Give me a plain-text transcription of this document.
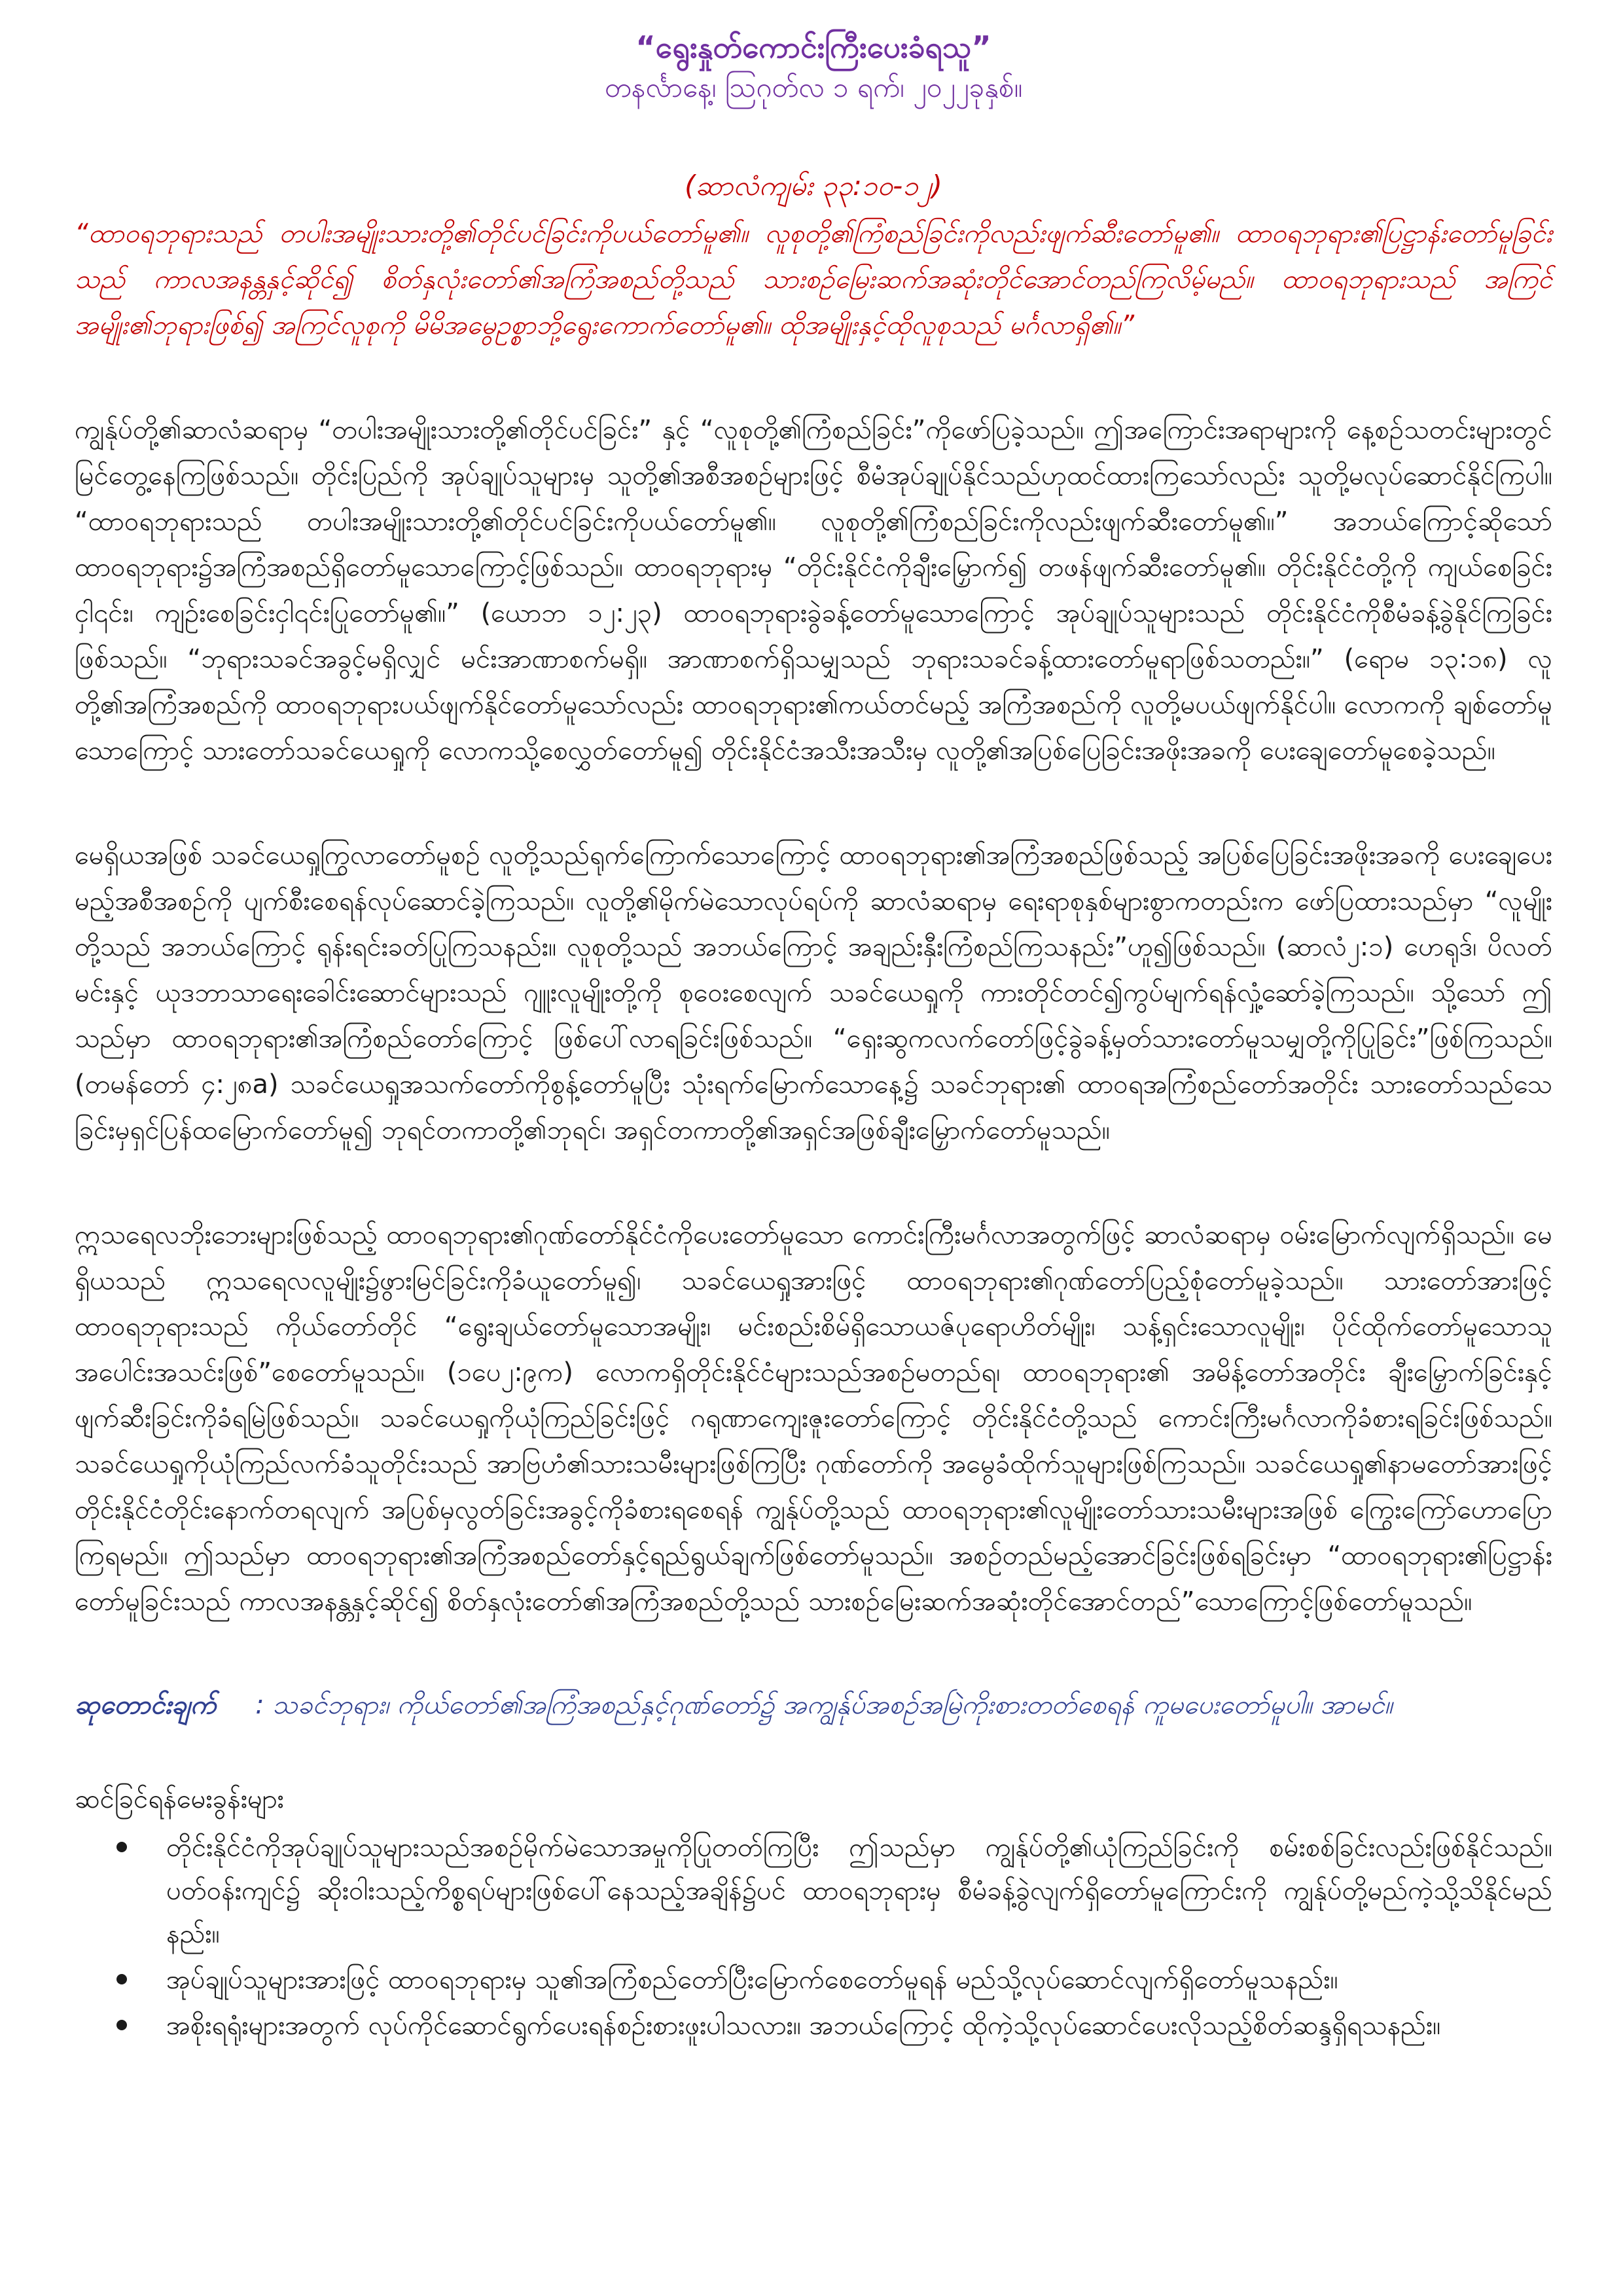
“ရွေးနှုတ်ကောင်းကြီးပေးခံရသူ”

တနင်္လာနေ့၊ ဩဂုတ်လ ၁ ရက်၊ ၂၀၂၂ခုနှစ်။

(ဆာလံကျမ်း ၃၃:၁၀-၁၂)

“ထာဝရဘုရားသည် တပါးအမျိုးသားတို့၏တိုင်ပင်ခြင်းကိုပယ်တော်မူ၏။ လူစုတို့၏ကြံစည်ခြင်းကိုလည်းဖျက်ဆီးတော်မူ၏။ ထာဝရဘုရား၏ပြဋ္ဌာန်းတော်မူခြင်းသည် ကာလအနန္တနှင့်ဆိုင်၍ စိတ်နှလုံးတော်၏အကြံအစည်တို့သည် သားစဉ်မြေးဆက်အဆုံးတိုင်အောင်တည်ကြလိမ့်မည်။ ထာဝရဘုရားသည် အကြင်အမျိုး၏ဘုရားဖြစ်၍ အကြင်လူစုကို မိမိအမွေဥစ္စာဘို့ရွေးကောက်တော်မူ၏။ ထိုအမျိုးနှင့်ထိုလူစုသည် မင်္ဂလာရှိ၏။”

ကျွန်ုပ်တို့၏ဆာလံဆရာမှ “တပါးအမျိုးသားတို့၏တိုင်ပင်ခြင်း” နှင့် “လူစုတို့၏ကြံစည်ခြင်း”ကိုဖော်ပြခဲ့သည်။ ဤအကြောင်းအရာများကို နေ့စဉ်သတင်းများတွင်မြင်တွေ့နေကြဖြစ်သည်။ တိုင်းပြည်ကို အုပ်ချုပ်သူများမှ သူတို့၏အစီအစဉ်များဖြင့် စီမံအုပ်ချုပ်နိုင်သည်ဟုထင်ထားကြသော်လည်း သူတို့မလုပ်ဆောင်နိုင်ကြပါ။ “ထာဝရဘုရားသည် တပါးအမျိုးသားတို့၏တိုင်ပင်ခြင်းကိုပယ်တော်မူ၏။ လူစုတို့၏ကြံစည်ခြင်းကိုလည်းဖျက်ဆီးတော်မူ၏။” အဘယ်ကြောင့်ဆိုသော် ထာဝရဘုရား၌အကြံအစည်ရှိတော်မူသောကြောင့်ဖြစ်သည်။ ထာဝရဘုရားမှ “တိုင်းနိုင်ငံကိုချီးမြှောက်၍ တဖန်ဖျက်ဆီးတော်မူ၏။ တိုင်းနိုင်ငံတို့ကို ကျယ်စေခြင်းငှါ၎င်း၊ ကျဉ်းစေခြင်းငှါ၎င်းပြုတော်မူ၏။” (ယောဘ ၁၂:၂၃) ထာဝရဘုရားခွဲခန့်တော်မူသောကြောင့် အုပ်ချုပ်သူများသည် တိုင်းနိုင်ငံကိုစီမံခန့်ခွဲနိုင်ကြခြင်းဖြစ်သည်။ “ဘုရားသခင်အခွင့်မရှိလျှင် မင်းအာဏာစက်မရှိ။ အာဏာစက်ရှိသမျှသည် ဘုရားသခင်ခန့်ထားတော်မူရာဖြစ်သတည်း။” (ရောမ ၁၃:၁၈) လူတို့၏အကြံအစည်ကို ထာဝရဘုရားပယ်ဖျက်နိုင်တော်မူသော်လည်း ထာဝရဘုရား၏ကယ်တင်မည့် အကြံအစည်ကို လူတို့မပယ်ဖျက်နိုင်ပါ။ လောကကို ချစ်တော်မူသောကြောင့် သားတော်သခင်ယေရှုကို လောကသို့စေလွှတ်တော်မူ၍ တိုင်းနိုင်ငံအသီးအသီးမှ လူတို့၏အပြစ်ပြေခြင်းအဖိုးအခကို ပေးချေတော်မူစေခဲ့သည်။

မေရှိယအဖြစ် သခင်ယေရှုကြွလာတော်မူစဉ် လူတို့သည်ရုက်ကြောက်သောကြောင့် ထာဝရဘုရား၏အကြံအစည်ဖြစ်သည့် အပြစ်ပြေခြင်းအဖိုးအခကို ပေးချေပေးမည့်အစီအစဉ်ကို ပျက်စီးစေရန်လုပ်ဆောင်ခဲ့ကြသည်။ လူတို့၏မိုက်မဲသောလုပ်ရပ်ကို ဆာလံဆရာမှ ရေးရာစုနှစ်များစွာကတည်းက ဖော်ပြထားသည်မှာ “လူမျိုးတို့သည် အဘယ်ကြောင့် ရုန်းရင်းခတ်ပြုကြသနည်း။ လူစုတို့သည် အဘယ်ကြောင့် အချည်းနှီးကြံစည်ကြသနည်း”ဟူ၍ဖြစ်သည်။ (ဆာလံ၂:၁) ဟေရုဒ်၊ ပိလတ်မင်းနှင့် ယုဒဘာသာရေးခေါင်းဆောင်များသည် ဂျူးလူမျိုးတို့ကို စုဝေးစေလျက် သခင်ယေရှုကို ကားတိုင်တင်၍ကွပ်မျက်ရန်လှုံ့ဆော်ခဲ့ကြသည်။ သို့သော် ဤသည်မှာ ထာဝရဘုရား၏အကြံစည်တော်ကြောင့် ဖြစ်ပေါ်လာရခြင်းဖြစ်သည်။ “ရှေးဆွကလက်တော်ဖြင့်ခွဲခန့်မှတ်သားတော်မူသမျှတို့ကိုပြုခြင်း”ဖြစ်ကြသည်။ (တမန်တော် ၄:၂၈a) သခင်ယေရှုအသက်တော်ကိုစွန့်တော်မူပြီး သုံးရက်မြောက်သောနေ့၌ သခင်ဘုရား၏ ထာဝရအကြံစည်တော်အတိုင်း သားတော်သည်သေခြင်းမှရှင်ပြန်ထမြောက်တော်မူ၍ ဘုရင်တကာတို့၏ဘုရင်၊ အရှင်တကာတို့၏အရှင်အဖြစ်ချီးမြှောက်တော်မူသည်။

ဣသရေလဘိုးဘေးများဖြစ်သည့် ထာဝရဘုရား၏ဂုဏ်တော်နိုင်ငံကိုပေးတော်မူသော ကောင်းကြီးမင်္ဂလာအတွက်ဖြင့် ဆာလံဆရာမှ ဝမ်းမြောက်လျက်ရှိသည်။ မေရှိယသည် ဣသရေလလူမျိုး၌ဖွားမြင်ခြင်းကိုခံယူတော်မူ၍၊ သခင်ယေရှုအားဖြင့် ထာဝရဘုရား၏ဂုဏ်တော်ပြည့်စုံတော်မူခဲ့သည်။ သားတော်အားဖြင့် ထာဝရဘုရားသည် ကိုယ်တော်တိုင် “ရွေးချယ်တော်မူသောအမျိုး၊ မင်းစည်းစိမ်ရှိသောယဇ်ပုရောဟိတ်မျိုး၊ သန့်ရှင်းသောလူမျိုး၊ ပိုင်ထိုက်တော်မူသောသူအပေါင်းအသင်းဖြစ်”စေတော်မူသည်။ (၁ပေ၂:၉က) လောကရှိတိုင်းနိုင်ငံများသည်အစဉ်မတည်ရ၊ ထာဝရဘုရား၏ အမိန့်တော်အတိုင်း ချီးမြှောက်ခြင်းနှင့်ဖျက်ဆီးခြင်းကိုခံရမြဲဖြစ်သည်။ သခင်ယေရှုကိုယုံကြည်ခြင်းဖြင့် ဂရုဏာကျေးဇူးတော်ကြောင့် တိုင်းနိုင်ငံတို့သည် ကောင်းကြီးမင်္ဂလာကိုခံစားရခြင်းဖြစ်သည်။ သခင်ယေရှုကိုယုံကြည်လက်ခံသူတိုင်းသည် အာဗြဟံ၏သားသမီးများဖြစ်ကြပြီး ဂုဏ်တော်ကို အမွေခံထိုက်သူများဖြစ်ကြသည်။ သခင်ယေရှု၏နာမတော်အားဖြင့် တိုင်းနိုင်ငံတိုင်းနောက်တရလျက် အပြစ်မှလွတ်ခြင်းအခွင့်ကိုခံစားရစေရန် ကျွန်ုပ်တို့သည် ထာဝရဘုရား၏လူမျိုးတော်သားသမီးများအဖြစ် ကြွေးကြော်ဟောပြောကြရမည်။ ဤသည်မှာ ထာဝရဘုရား၏အကြံအစည်တော်နှင့်ရည်ရွယ်ချက်ဖြစ်တော်မူသည်။ အစဉ်တည်မည့်အောင်ခြင်းဖြစ်ရခြင်းမှာ “ထာဝရဘုရား၏ပြဋ္ဌာန်းတော်မူခြင်းသည် ကာလအနန္တနှင့်ဆိုင်၍ စိတ်နှလုံးတော်၏အကြံအစည်တို့သည် သားစဉ်မြေးဆက်အဆုံးတိုင်အောင်တည်”သောကြောင့်ဖြစ်တော်မူသည်။

ဆုတောင်းချက် : သခင်ဘုရား၊ ကိုယ်တော်၏အကြံအစည်နှင့်ဂုဏ်တော်၌ အကျွန်ုပ်အစဉ်အမြဲကိုးစားတတ်စေရန် ကူမပေးတော်မူပါ။ အာမင်။

ဆင်ခြင်ရန်မေးခွန်းများ

တိုင်းနိုင်ငံကိုအုပ်ချုပ်သူများသည်အစဉ်မိုက်မဲသောအမှုကိုပြုတတ်ကြပြီး ဤသည်မှာ ကျွန်ုပ်တို့၏ယုံကြည်ခြင်းကို စမ်းစစ်ခြင်းလည်းဖြစ်နိုင်သည်။ ပတ်ဝန်းကျင်၌ ဆိုးဝါးသည့်ကိစ္စရပ်များဖြစ်ပေါ်နေသည့်အချိန်၌ပင် ထာဝရဘုရားမှ စီမံခန့်ခွဲလျက်ရှိတော်မူကြောင်းကို ကျွန်ုပ်တို့မည်ကဲ့သို့သိနိုင်မည်နည်း။
အုပ်ချုပ်သူများအားဖြင့် ထာဝရဘုရားမှ သူ၏အကြံစည်တော်ပြီးမြောက်စေတော်မူရန် မည်သို့လုပ်ဆောင်လျက်ရှိတော်မူသနည်း။
အစိုးရရုံးများအတွက် လုပ်ကိုင်ဆောင်ရွက်ပေးရန်စဉ်းစားဖူးပါသလား။ အဘယ်ကြောင့် ထိုကဲ့သို့လုပ်ဆောင်ပေးလိုသည့်စိတ်ဆန္ဒရှိရသနည်း။
